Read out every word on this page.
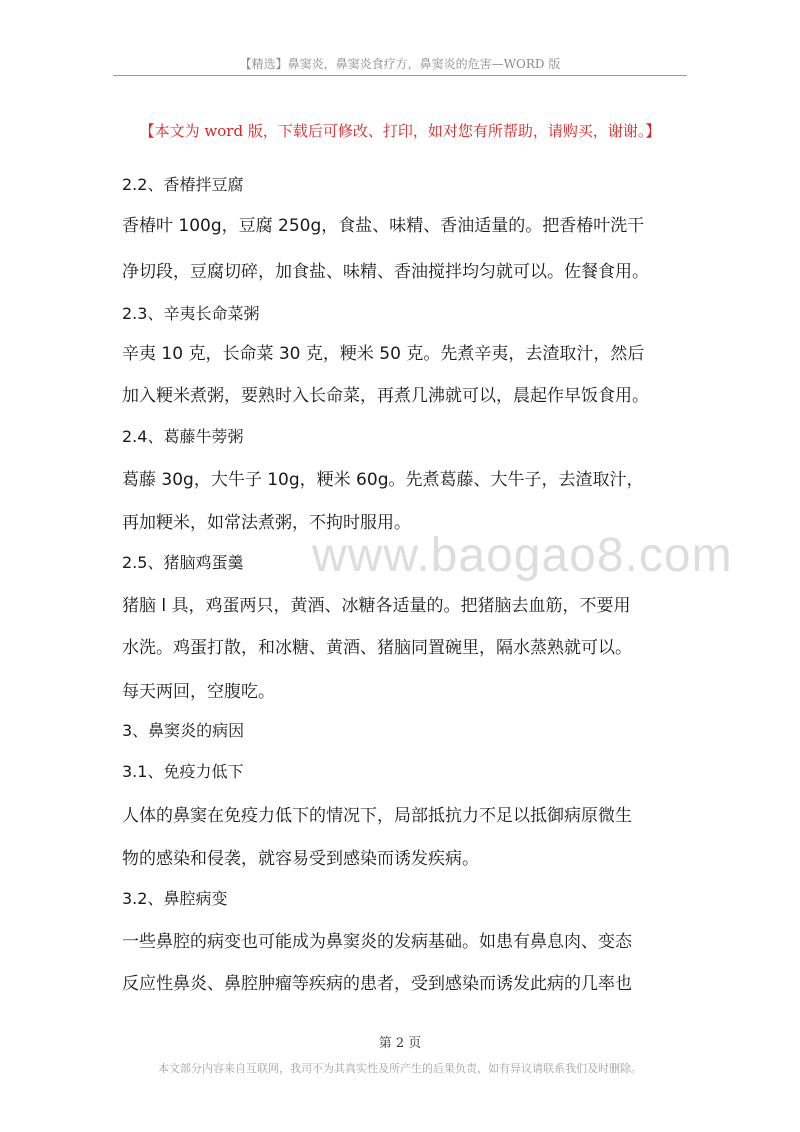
【精选】鼻窦炎，鼻窦炎食疗方，鼻窦炎的危害—WORD 版
【本文为 word 版，下载后可修改、打印，如对您有所帮助，请购买，谢谢。】
www.baogao8.com
2.2、香椿拌豆腐
香椿叶 100g，豆腐 250g，食盐、味精、香油适量的。把香椿叶洗干
净切段，豆腐切碎，加食盐、味精、香油搅拌均匀就可以。佐餐食用。
2.3、辛夷长命菜粥
辛夷 10 克，长命菜 30 克，粳米 50 克。先煮辛夷，去渣取汁，然后
加入粳米煮粥，要熟时入长命菜，再煮几沸就可以，晨起作早饭食用。
2.4、葛藤牛蒡粥
葛藤 30g，大牛子 10g，粳米 60g。先煮葛藤、大牛子，去渣取汁，
再加粳米，如常法煮粥，不拘时服用。
2.5、猪脑鸡蛋羹
猪脑 l 具，鸡蛋两只，黄酒、冰糖各适量的。把猪脑去血筋，不要用
水洗。鸡蛋打散，和冰糖、黄酒、猪脑同置碗里，隔水蒸熟就可以。
每天两回，空腹吃。
3、鼻窦炎的病因
3.1、免疫力低下
人体的鼻窦在免疫力低下的情况下，局部抵抗力不足以抵御病原微生
物的感染和侵袭，就容易受到感染而诱发疾病。
3.2、鼻腔病变
一些鼻腔的病变也可能成为鼻窦炎的发病基础。如患有鼻息肉、变态
反应性鼻炎、鼻腔肿瘤等疾病的患者，受到感染而诱发此病的几率也
第 2 页
本文部分内容来自互联网，我司不为其真实性及所产生的后果负责，如有异议请联系我们及时删除。
